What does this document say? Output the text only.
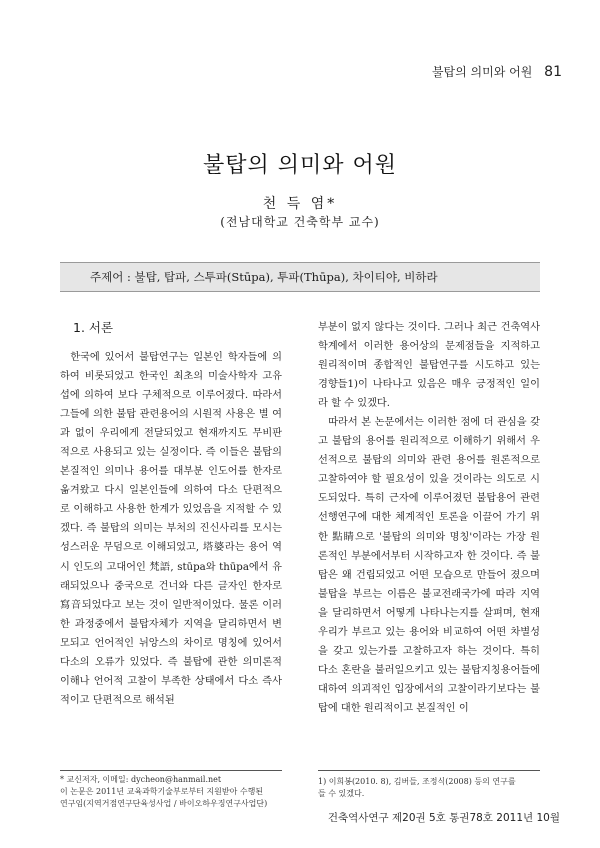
불탑의 의미와 어원 81
불탑의 의미와 어원
천 득 염*
(전남대학교 건축학부 교수)
주제어 : 불탑, 탑파, 스투파(Stūpa), 투파(Thūpa), 차이티야, 비하라
1. 서론

한국에 있어서 불탑연구는 일본인 학자들에 의하여 비롯되었고 한국인 최초의 미술사학자 고유섭에 의하여 보다 구체적으로 이루어졌다. 따라서 그들에 의한 불탑 관련용어의 시원적 사용은 별 여과 없이 우리에게 전달되었고 현재까지도 무비판적으로 사용되고 있는 실정이다. 즉 이들은 불탑의 본질적인 의미나 용어를 대부분 인도어를 한자로 옮겨왔고 다시 일본인들에 의하여 다소 단편적으로 이해하고 사용한 한계가 있었음을 지적할 수 있겠다. 즉 불탑의 의미는 부처의 진신사리를 모시는 성스러운 무덤으로 이해되었고, 塔婆라는 용어 역시 인도의 고대어인 梵語, stūpa와 thūpa에서 유래되었으나 중국으로 건너와 다른 글자인 한자로 寫音되었다고 보는 것이 일반적이었다. 물론 이러한 과정중에서 불탑자체가 지역을 달리하면서 변모되고 언어적인 뉘앙스의 차이로 명칭에 있어서 다소의 오류가 있었다. 즉 불탑에 관한 의미론적 이해나 언어적 고찰이 부족한 상태에서 다소 즉사적이고 단편적으로 해석된

부분이 없지 않다는 것이다. 그러나 최근 건축역사학계에서 이러한 용어상의 문제점들을 지적하고 원리적이며 종합적인 불탑연구를 시도하고 있는 경향들1)이 나타나고 있음은 매우 긍정적인 일이라 할 수 있겠다.

따라서 본 논문에서는 이러한 점에 더 관심을 갖고 불탑의 용어를 원리적으로 이해하기 위해서 우선적으로 불탑의 의미와 관련 용어를 원론적으로 고찰하여야 할 필요성이 있을 것이라는 의도로 시도되었다. 특히 근자에 이루어졌던 불탑용어 관련 선행연구에 대한 체계적인 토론을 이끌어 가기 위한 點睛으로 '불탑의 의미와 명칭'이라는 가장 원론적인 부분에서부터 시작하고자 한 것이다. 즉 불탑은 왜 건립되었고 어떤 모습으로 만들어 졌으며 불탑을 부르는 이름은 불교전래국가에 따라 지역을 달리하면서 어떻게 나타나는지를 살펴며, 현재 우리가 부르고 있는 용어와 비교하여 어떤 차별성을 갖고 있는가를 고찰하고자 하는 것이다. 특히 다소 혼란을 불러일으키고 있는 불탑지칭용어들에 대하여 의괴적인 입장에서의 고찰이라기보다는 불탑에 대한 원리적이고 본질적인 이

* 교신저자, 이메일: dycheon@hanmail.net
이 논문은 2011년 교육과학기술부로부터 지원받아 수행된
연구임(지역거점연구단육성사업 / 바이오하우징연구사업단)
1) 이희봉(2010. 8), 김버들, 조정식(2008) 등의 연구를
들 수 있겠다.
건축역사연구 제20권 5호 통권78호 2011년 10월
